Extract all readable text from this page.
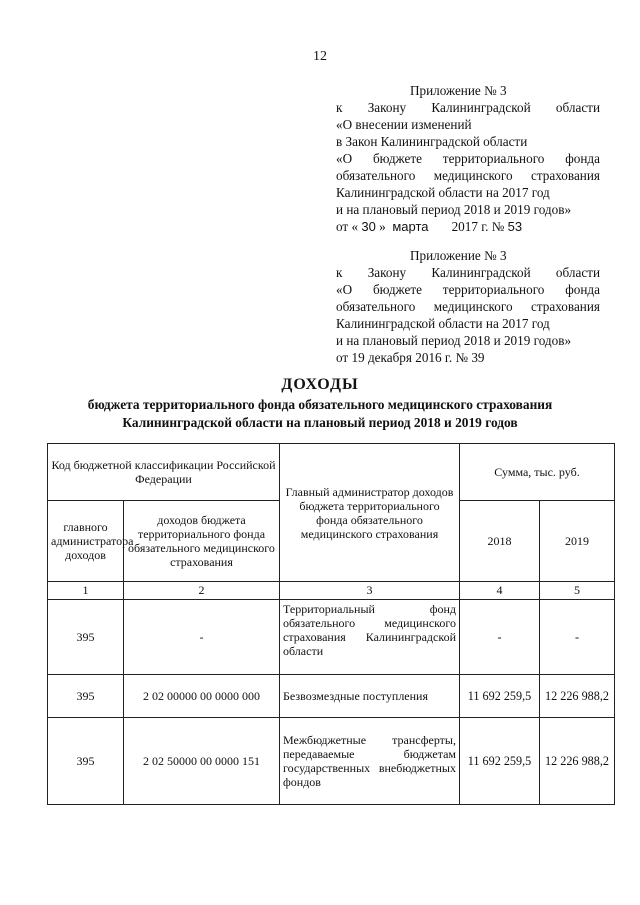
12
Приложение № 3
к Закону Калининградской области
«О внесении изменений
в Закон Калининградской области
«О бюджете территориального фонда
обязательного медицинского страхования
Калининградской области на 2017 год
и на плановый период 2018 и 2019 годов»
от « 30 » марта 2017 г. № 53
Приложение № 3
к Закону Калининградской области
«О бюджете территориального фонда
обязательного медицинского страхования
Калининградской области на 2017 год
и на плановый период 2018 и 2019 годов»
от 19 декабря 2016 г. № 39
ДОХОДЫ
бюджета территориального фонда обязательного медицинского страхования
Калининградской области на плановый период 2018 и 2019 годов
Код бюджетной классификации Российской Федерации		Главный администратор доходов бюджета территориального фонда обязательного медицинского страхования	Сумма, тыс. руб.	
главного администратора доходов	доходов бюджета территориального фонда обязательного медицинского страхования		2018	2019
1	2	3	4	5
395	-	Территориальный фонд обязательного медицинского страхования Калининградской области	-	-
395	2 02 00000 00 0000 000	Безвозмездные поступления	11 692 259,5	12 226 988,2
395	2 02 50000 00 0000 151	Межбюджетные трансферты, передаваемые бюджетам государственных внебюджетных фондов	11 692 259,5	12 226 988,2
